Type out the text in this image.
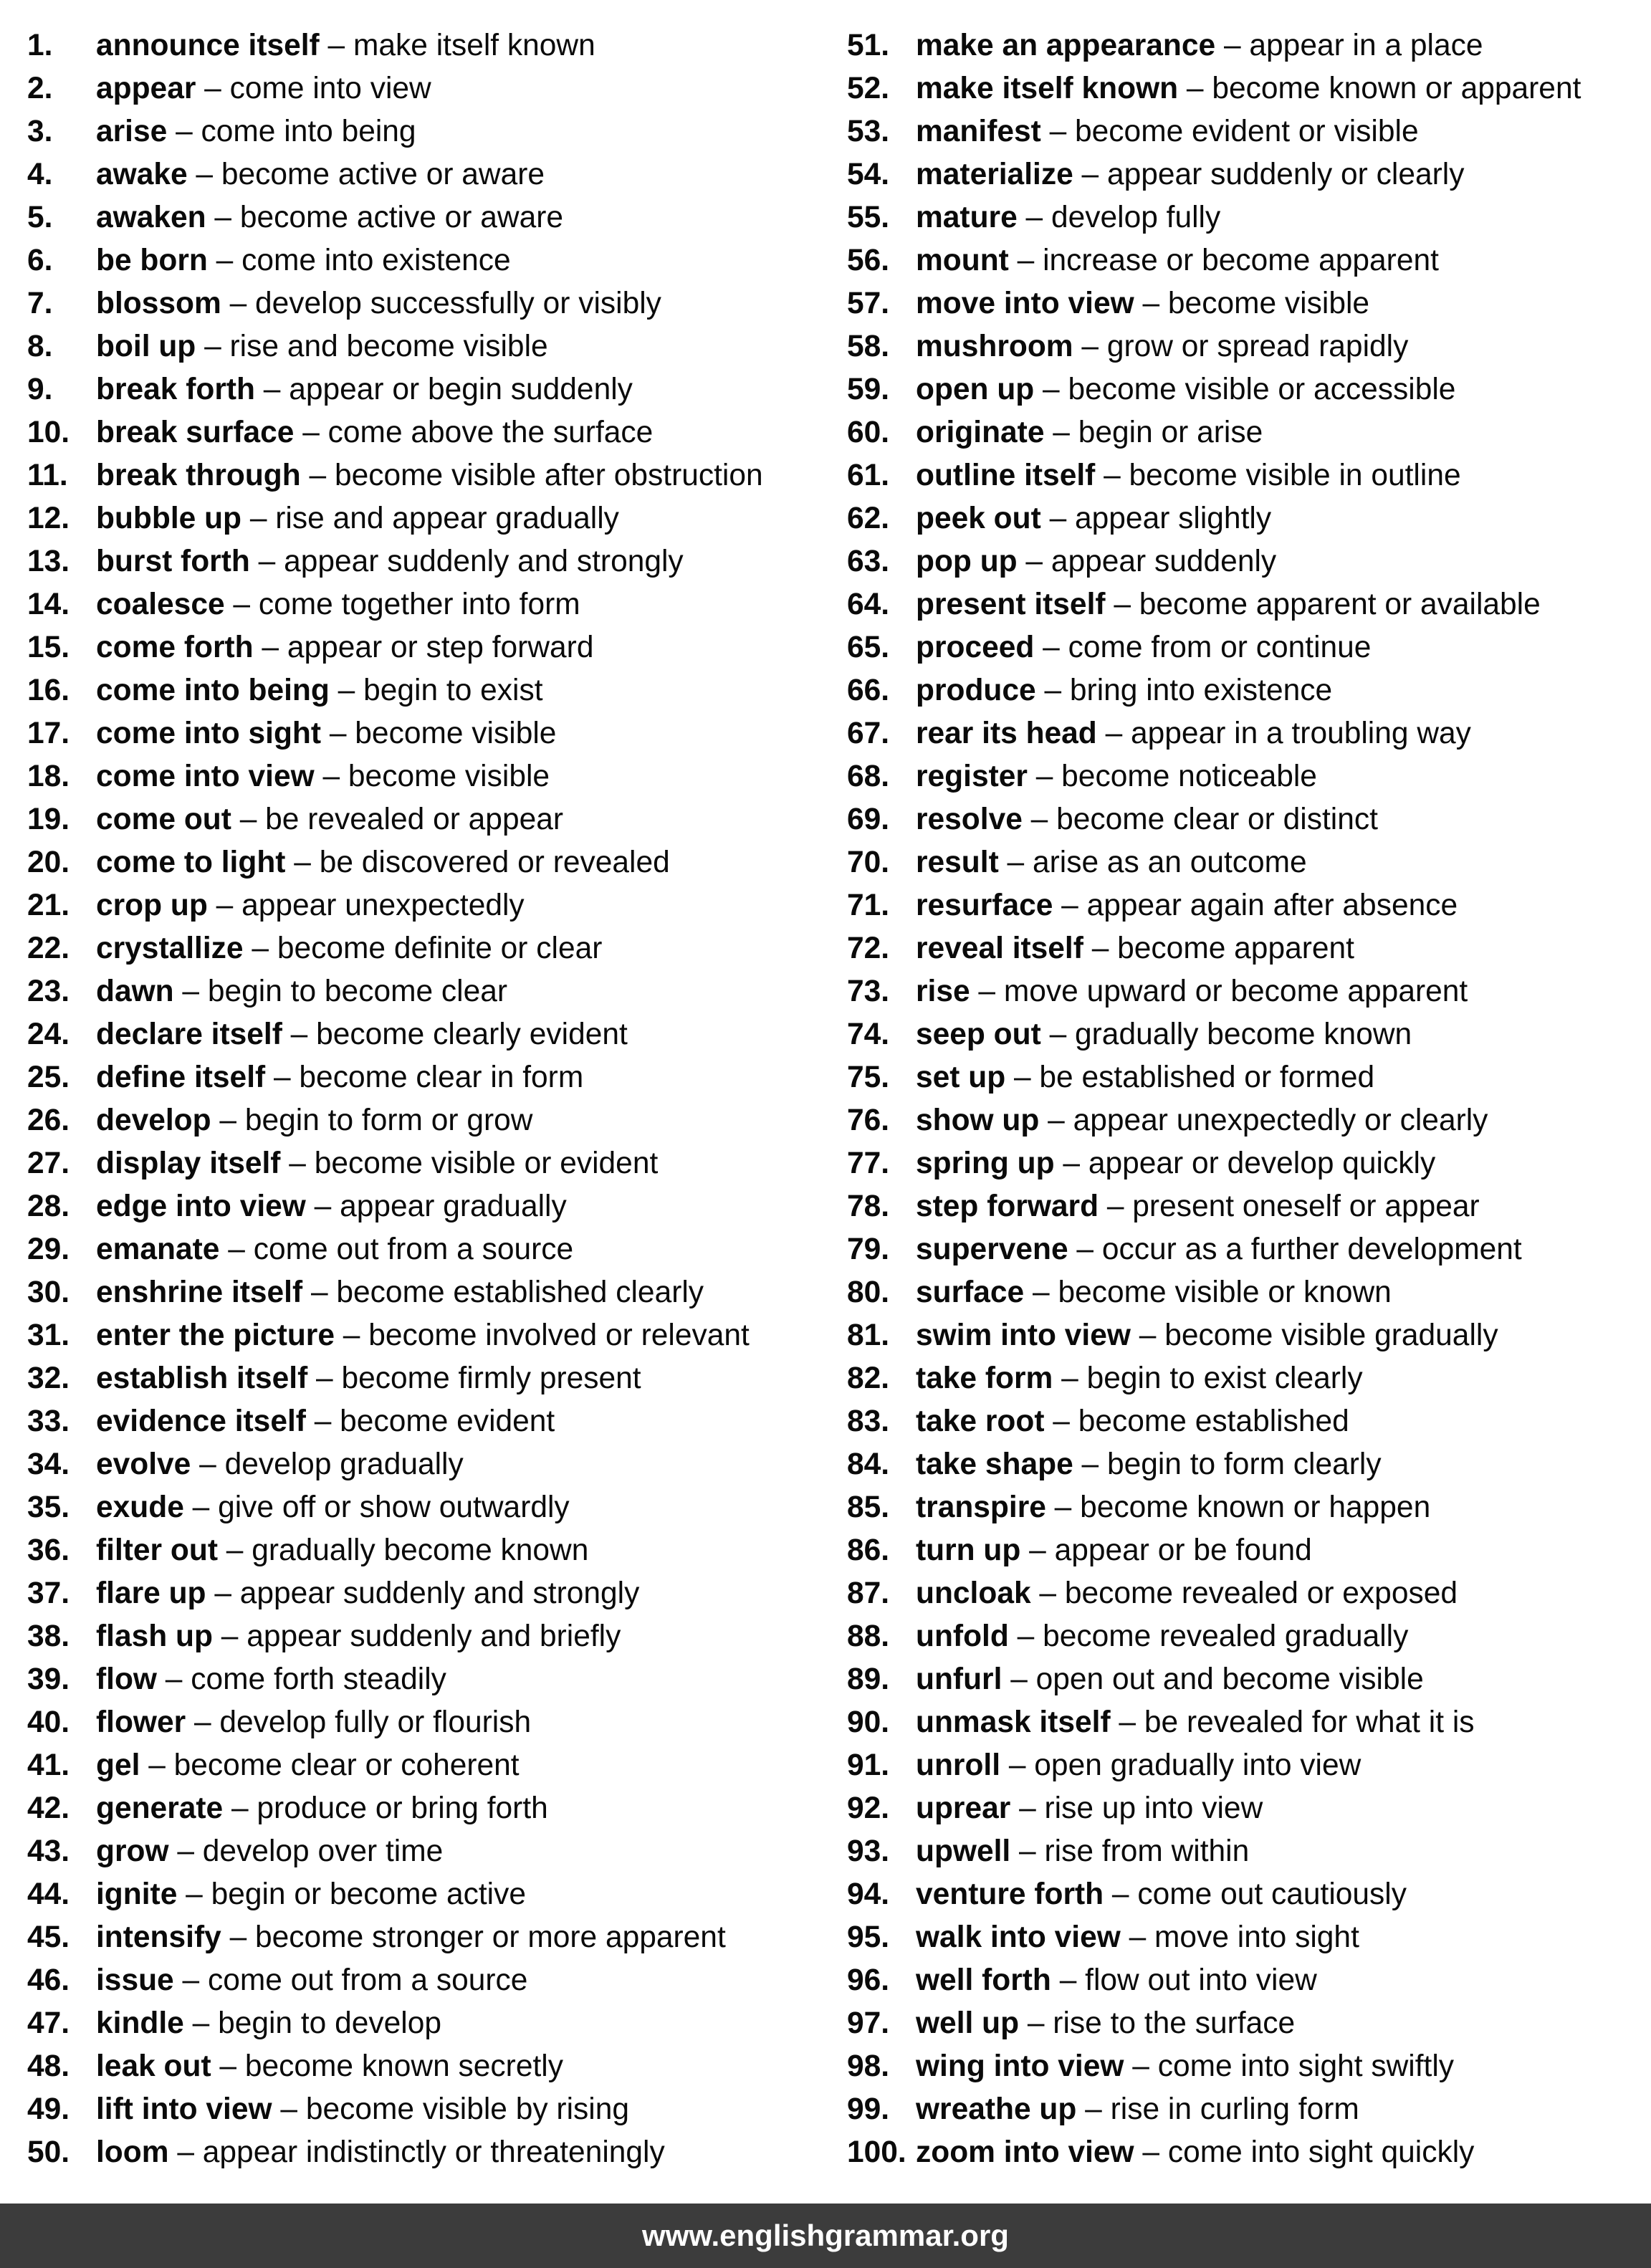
1. announce itself – make itself known
2. appear – come into view
3. arise – come into being
4. awake – become active or aware
5. awaken – become active or aware
6. be born – come into existence
7. blossom – develop successfully or visibly
8. boil up – rise and become visible
9. break forth – appear or begin suddenly
10. break surface – come above the surface
11. break through – become visible after obstruction
12. bubble up – rise and appear gradually
13. burst forth – appear suddenly and strongly
14. coalesce – come together into form
15. come forth – appear or step forward
16. come into being – begin to exist
17. come into sight – become visible
18. come into view – become visible
19. come out – be revealed or appear
20. come to light – be discovered or revealed
21. crop up – appear unexpectedly
22. crystallize – become definite or clear
23. dawn – begin to become clear
24. declare itself – become clearly evident
25. define itself – become clear in form
26. develop – begin to form or grow
27. display itself – become visible or evident
28. edge into view – appear gradually
29. emanate – come out from a source
30. enshrine itself – become established clearly
31. enter the picture – become involved or relevant
32. establish itself – become firmly present
33. evidence itself – become evident
34. evolve – develop gradually
35. exude – give off or show outwardly
36. filter out – gradually become known
37. flare up – appear suddenly and strongly
38. flash up – appear suddenly and briefly
39. flow – come forth steadily
40. flower – develop fully or flourish
41. gel – become clear or coherent
42. generate – produce or bring forth
43. grow – develop over time
44. ignite – begin or become active
45. intensify – become stronger or more apparent
46. issue – come out from a source
47. kindle – begin to develop
48. leak out – become known secretly
49. lift into view – become visible by rising
50. loom – appear indistinctly or threateningly
51. make an appearance – appear in a place
52. make itself known – become known or apparent
53. manifest – become evident or visible
54. materialize – appear suddenly or clearly
55. mature – develop fully
56. mount – increase or become apparent
57. move into view – become visible
58. mushroom – grow or spread rapidly
59. open up – become visible or accessible
60. originate – begin or arise
61. outline itself – become visible in outline
62. peek out – appear slightly
63. pop up – appear suddenly
64. present itself – become apparent or available
65. proceed – come from or continue
66. produce – bring into existence
67. rear its head – appear in a troubling way
68. register – become noticeable
69. resolve – become clear or distinct
70. result – arise as an outcome
71. resurface – appear again after absence
72. reveal itself – become apparent
73. rise – move upward or become apparent
74. seep out – gradually become known
75. set up – be established or formed
76. show up – appear unexpectedly or clearly
77. spring up – appear or develop quickly
78. step forward – present oneself or appear
79. supervene – occur as a further development
80. surface – become visible or known
81. swim into view – become visible gradually
82. take form – begin to exist clearly
83. take root – become established
84. take shape – begin to form clearly
85. transpire – become known or happen
86. turn up – appear or be found
87. uncloak – become revealed or exposed
88. unfold – become revealed gradually
89. unfurl – open out and become visible
90. unmask itself – be revealed for what it is
91. unroll – open gradually into view
92. uprear – rise up into view
93. upwell – rise from within
94. venture forth – come out cautiously
95. walk into view – move into sight
96. well forth – flow out into view
97. well up – rise to the surface
98. wing into view – come into sight swiftly
99. wreathe up – rise in curling form
100. zoom into view – come into sight quickly
www.englishgrammar.org
